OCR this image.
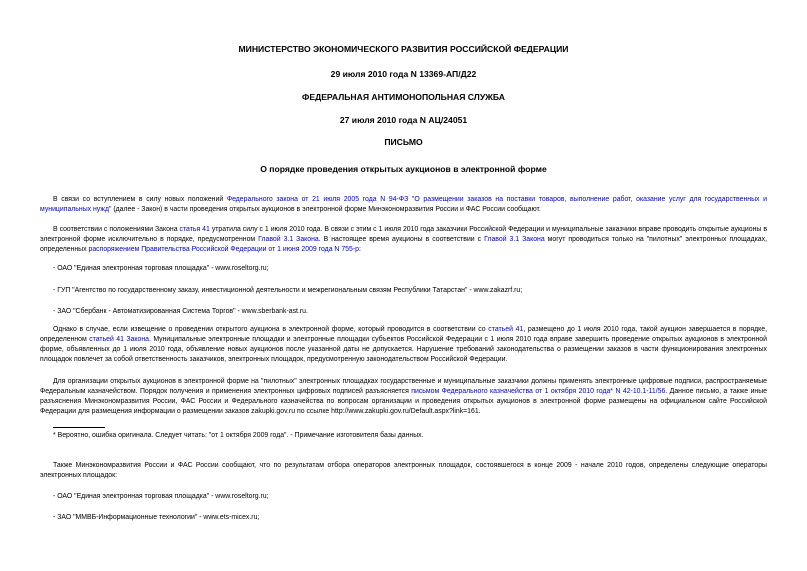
МИНИСТЕРСТВО ЭКОНОМИЧЕСКОГО РАЗВИТИЯ РОССИЙСКОЙ ФЕДЕРАЦИИ
29 июля 2010 года N 13369-АП/Д22
ФЕДЕРАЛЬНАЯ АНТИМОНОПОЛЬНАЯ СЛУЖБА
27 июля 2010 года N АЦ/24051
ПИСЬМО
О порядке проведения открытых аукционов в электронной форме
В связи со вступлением в силу новых положений Федерального закона от 21 июля 2005 года N 94-ФЗ "О размещении заказов на поставки товаров, выполнение работ, оказание услуг для государственных и муниципальных нужд" (далее - Закон) в части проведения открытых аукционов в электронной форме Минэкономразвития России и ФАС России сообщают.
В соответствии с положениями Закона статья 41 утратила силу с 1 июля 2010 года. В связи с этим с 1 июля 2010 года заказчики Российской Федерации и муниципальные заказчики вправе проводить открытые аукционы в электронной форме исключительно в порядке, предусмотренном Главой 3.1 Закона. В настоящее время аукционы в соответствии с Главой 3.1 Закона могут проводиться только на "пилотных" электронных площадках, определенных распоряжением Правительства Российской Федерации от 1 июня 2009 года N 755-р:
- ОАО "Единая электронная торговая площадка" - www.roseltorg.ru;
- ГУП "Агентство по государственному заказу, инвестиционной деятельности и межрегиональным связям Республики Татарстан" - www.zakazrf.ru;
- ЗАО "Сбербанк - Автоматизированная Система Торгов" - www.sberbank-ast.ru.
Однако в случае, если извещение о проведении открытого аукциона в электронной форме, который проводится в соответствии со статьей 41, размещено до 1 июля 2010 года, такой аукцион завершается в порядке, определенном статьей 41 Закона. Муниципальные электронные площадки и электронные площадки субъектов Российской Федерации с 1 июля 2010 года вправе завершить проведение открытых аукционов в электронной форме, объявленных до 1 июля 2010 года, объявление новых аукционов после указанной даты не допускается. Нарушение требований законодательства о размещении заказов в части функционирования электронных площадок повлечет за собой ответственность заказчиков, электронных площадок, предусмотренную законодательством Российской Федерации.
Для организации открытых аукционов в электронной форме на "пилотных" электронных площадках государственные и муниципальные заказчики должны применять электронные цифровые подписи, распространяемые Федеральным казначейством. Порядок получения и применения электронных цифровых подписей разъясняется письмом Федерального казначейства от 1 октября 2010 года* N 42-10.1-11/56. Данное письмо, а также иные разъяснения Минэкономразвития России, ФАС России и Федерального казначейства по вопросам организации и проведения открытых аукционов в электронной форме размещены на официальном сайте Российской Федерации для размещения информации о размещении заказов zakupki.gov.ru по ссылке http://www.zakupki.gov.ru/Default.aspx?link=161.
* Вероятно, ошибка оригинала. Следует читать: "от 1 октября 2009 года". - Примечание изготовителя базы данных.
Также Минэкономразвития России и ФАС России сообщают, что по результатам отбора операторов электронных площадок, состоявшегося в конце 2009 - начале 2010 годов, определены следующие операторы электронных площадок:
- ОАО "Единая электронная торговая площадка" - www.roseltorg.ru;
- ЗАО "ММВБ-Информационные технологии" - www.ets-micex.ru;
